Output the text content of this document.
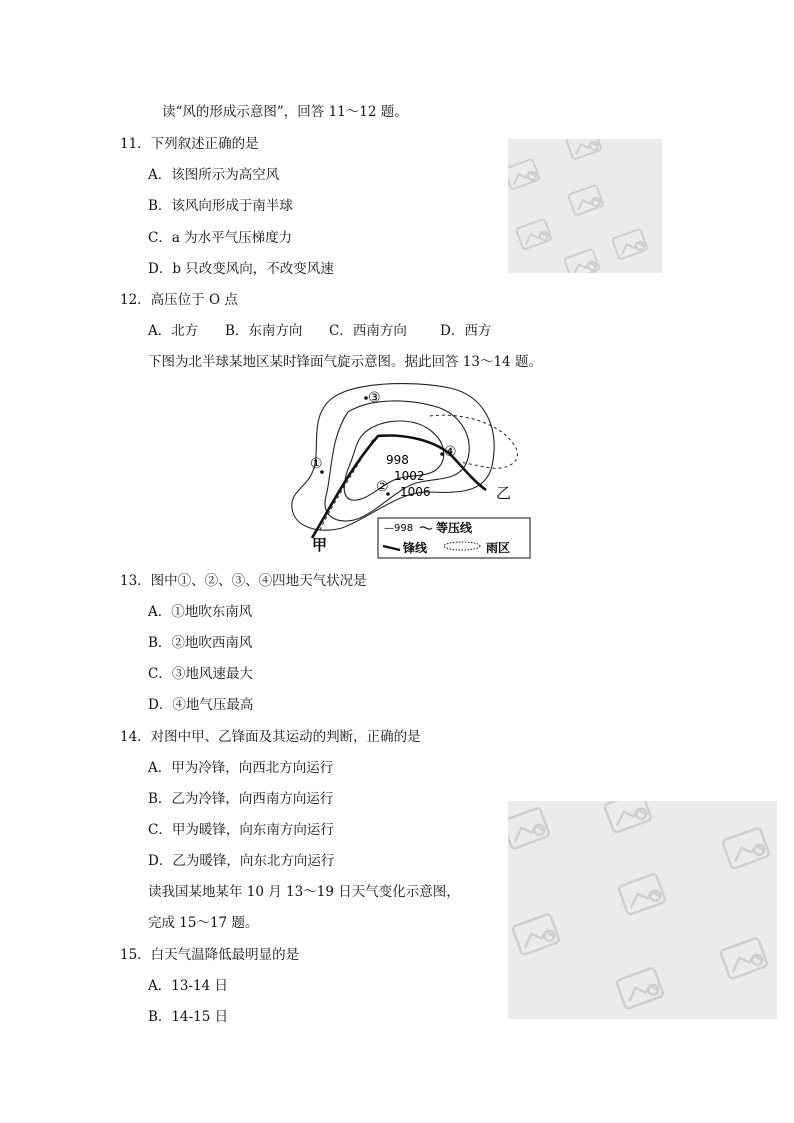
读“风的形成示意图”，回答 11～12 题。
11．下列叙述正确的是
A．该图所示为高空风
B．该风向形成于南半球
C．a 为水平气压梯度力
D．b 只改变风向，不改变风速
12．高压位于 O 点
A．北方 B．东南方向 C．西南方向 D．西方
下图为北半球某地区某时锋面气旋示意图。据此回答 13～14 题。
①
②
③
④
998
1002
1006
甲
乙
—998 等压线
锋线	雨区
13．图中①、②、③、④四地天气状况是
A．①地吹东南风
B．②地吹西南风
C．③地风速最大
D．④地气压最高
14．对图中甲、乙锋面及其运动的判断，正确的是
A．甲为冷锋，向西北方向运行
B．乙为冷锋，向西南方向运行
C．甲为暖锋，向东南方向运行
D．乙为暖锋，向东北方向运行
读我国某地某年 10 月 13～19 日天气变化示意图，
完成 15～17 题。
15．白天气温降低最明显的是
A．13-14 日
B．14-15 日
